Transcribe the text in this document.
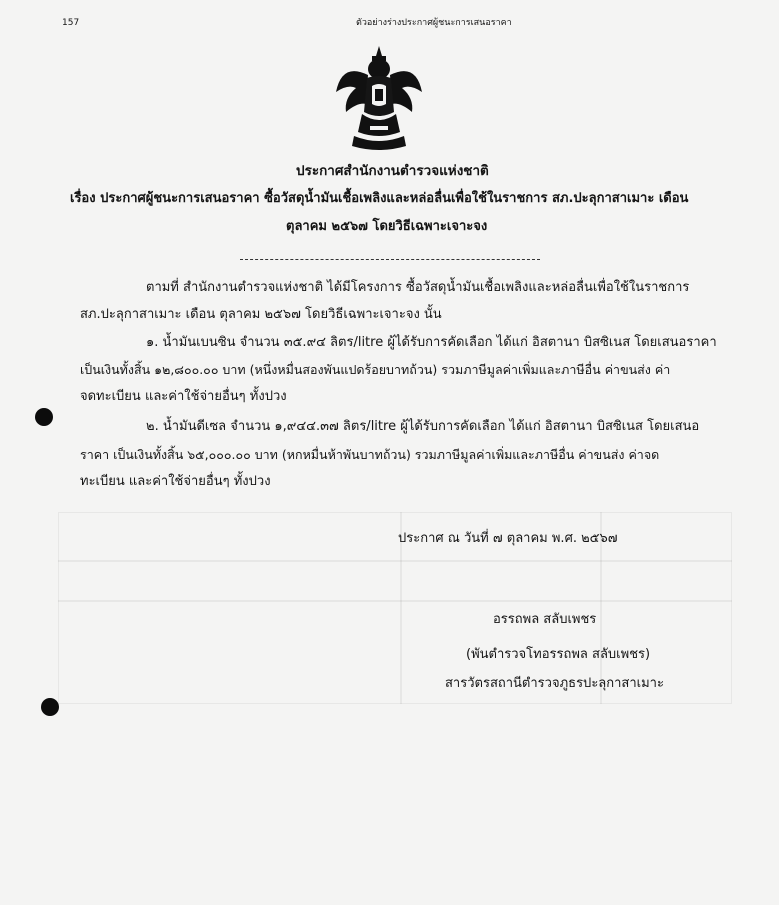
157	ตัวอย่างร่างประกาศผู้ชนะการเสนอราคา
ประกาศสำนักงานตำรวจแห่งชาติ
เรื่อง ประกาศผู้ชนะการเสนอราคา ซื้อวัสดุน้ำมันเชื้อเพลิงและหล่อลื่นเพื่อใช้ในราชการ สภ.ปะลุกาสาเมาะ เดือน
ตุลาคม ๒๕๖๗ โดยวิธีเฉพาะเจาะจง
ตามที่ สำนักงานตำรวจแห่งชาติ ได้มีโครงการ ซื้อวัสดุน้ำมันเชื้อเพลิงและหล่อลื่นเพื่อใช้ในราชการ
สภ.ปะลุกาสาเมาะ เดือน ตุลาคม ๒๕๖๗ โดยวิธีเฉพาะเจาะจง นั้น
๑. น้ำมันเบนซิน จำนวน ๓๕.๙๔ ลิตร/litre ผู้ได้รับการคัดเลือก ได้แก่ อิสตานา บิสซิเนส โดยเสนอราคา
เป็นเงินทั้งสิ้น ๑๒,๘๐๐.๐๐ บาท (หนึ่งหมื่นสองพันแปดร้อยบาทถ้วน) รวมภาษีมูลค่าเพิ่มและภาษีอื่น ค่าขนส่ง ค่า
จดทะเบียน และค่าใช้จ่ายอื่นๆ ทั้งปวง
๒. น้ำมันดีเซล จำนวน ๑,๙๔๔.๓๗ ลิตร/litre ผู้ได้รับการคัดเลือก ได้แก่ อิสตานา บิสซิเนส โดยเสนอ
ราคา เป็นเงินทั้งสิ้น ๖๕,๐๐๐.๐๐ บาท (หกหมื่นห้าพันบาทถ้วน) รวมภาษีมูลค่าเพิ่มและภาษีอื่น ค่าขนส่ง ค่าจด
ทะเบียน และค่าใช้จ่ายอื่นๆ ทั้งปวง
ประกาศ ณ วันที่ ๗ ตุลาคม พ.ศ. ๒๕๖๗
อรรถพล สลับเพชร
(พันตำรวจโทอรรถพล สลับเพชร)
สารวัตรสถานีตำรวจภูธรปะลุกาสาเมาะ
